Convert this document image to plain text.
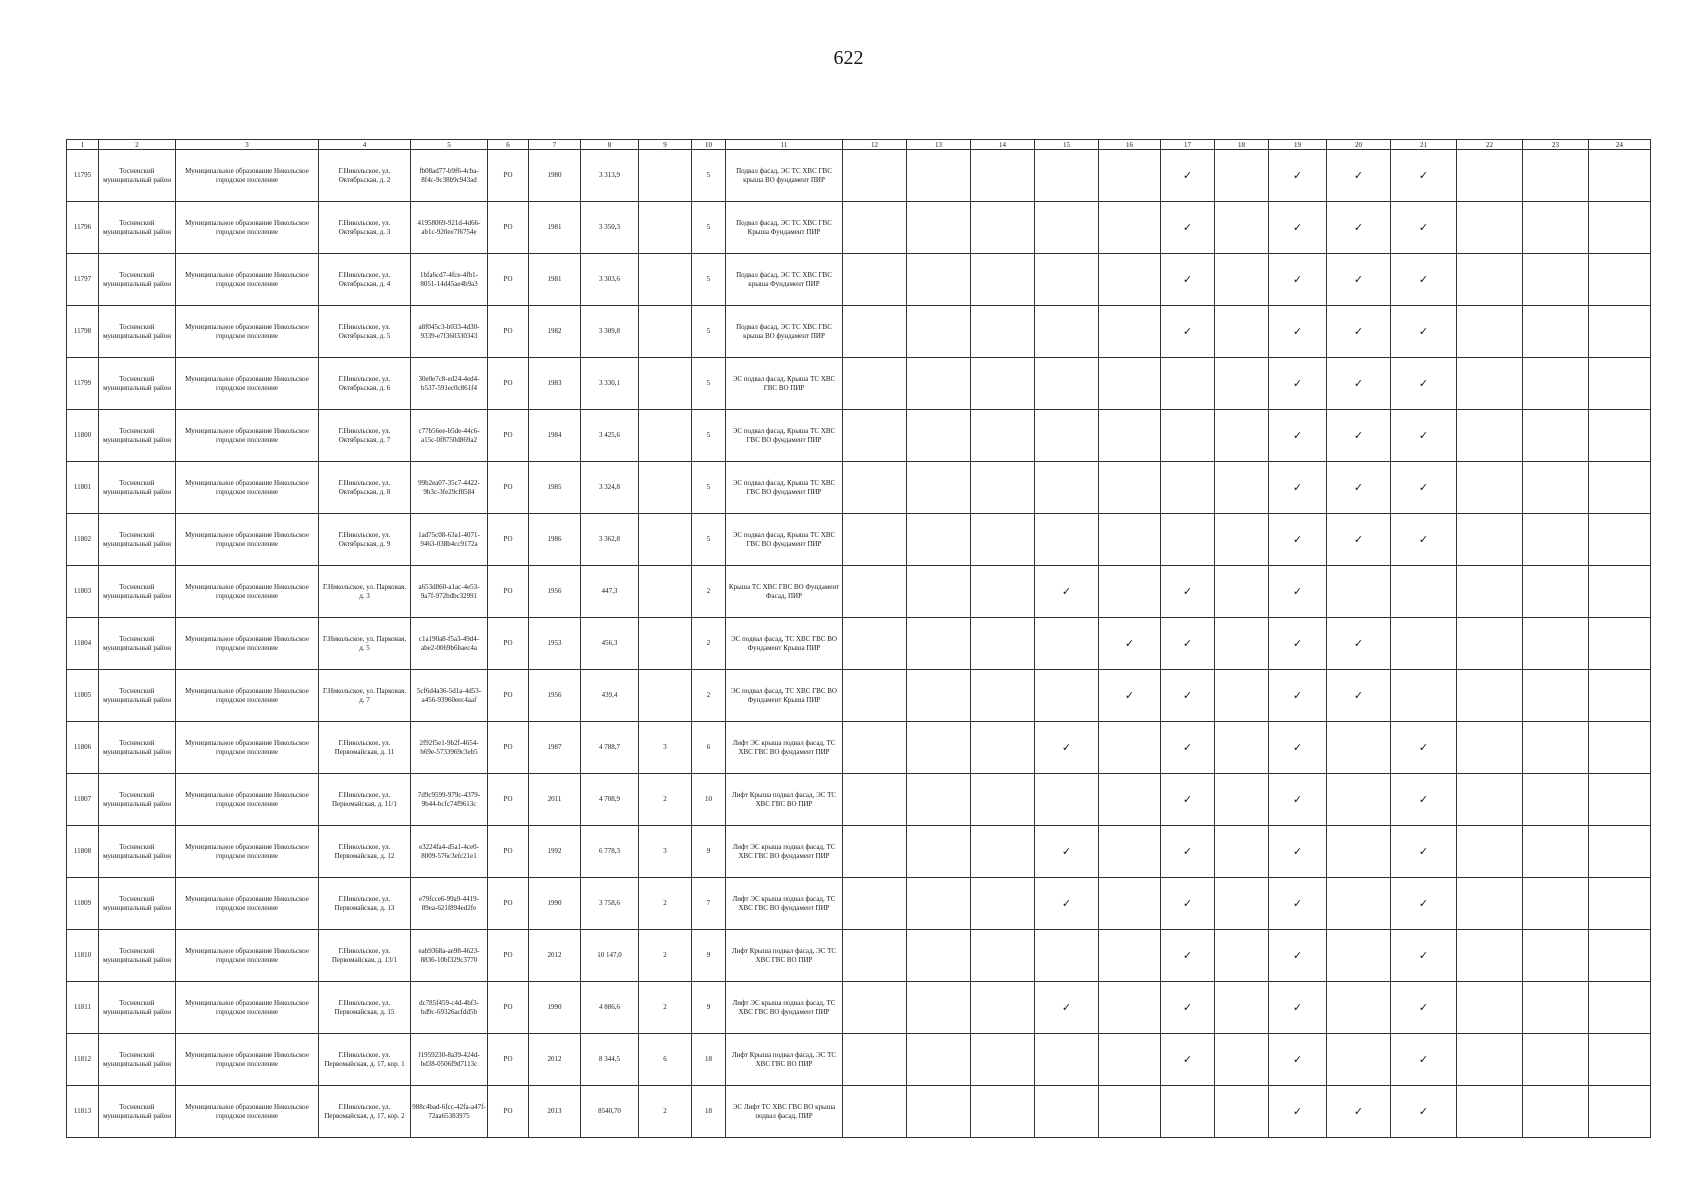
622
1	2	3	4	5	6	7	8	9	10	11	12	13	14	15	16	17	18	19	20	21	22	23	24
11795	Тосненский муниципальный район	Муниципальное образование Никольское городское поселение	Г.Никольское, ул. Октябрьская, д. 2	fb08ad77-b9f6-4cba-8f4c-9c38b9c943ad	РО	1980	3 313,9		5	Подвал фасад, ЭС ТС ХВС ГВС крыша ВО фундамент ПИР						✓		✓	✓	✓			
11796	Тосненский муниципальный район	Муниципальное образование Никольское городское поселение	Г.Никольское, ул. Октябрьская, д. 3	41958069-921d-4d66-ab1c-920ee7f6754e	РО	1981	3 350,3		5	Подвал фасад, ЭС ТС ХВС ГВС Крыша Фундамент ПИР						✓		✓	✓	✓			
11797	Тосненский муниципальный район	Муниципальное образование Никольское городское поселение	Г.Никольское, ул. Октябрьская, д. 4	1bfa6cd7-4fce-4fb1-8051-14d45ae4b9a3	РО	1981	3 303,6		5	Подвал фасад, ЭС ТС ХВС ГВС крыша Фундамент ПИР						✓		✓	✓	✓			
11798	Тосненский муниципальный район	Муниципальное образование Никольское городское поселение	Г.Никольское, ул. Октябрьская, д. 5	a8f045c3-b033-4d30-9339-e7f360330343	РО	1982	3 309,8		5	Подвал фасад, ЭС ТС ХВС ГВС крыша ВО фундамент ПИР						✓		✓	✓	✓			
11799	Тосненский муниципальный район	Муниципальное образование Никольское городское поселение	Г.Никольское, ул. Октябрьская, д. 6	30e0e7c8-ed24-4ed4-b537-591ec0c861f4	РО	1983	3 330,1		5	ЭС подвал фасад, Крыша ТС ХВС ГВС ВО ПИР								✓	✓	✓			
11800	Тосненский муниципальный район	Муниципальное образование Никольское городское поселение	Г.Никольское, ул. Октябрьская, д. 7	c77b56ee-b5de-44c6-a15c-0f8750d869a2	РО	1984	3 425,6		5	ЭС подвал фасад, Крыша ТС ХВС ГВС ВО фундамент ПИР								✓	✓	✓			
11801	Тосненский муниципальный район	Муниципальное образование Никольское городское поселение	Г.Никольское, ул. Октябрьская, д. 8	99b2ea07-35c7-4422-9b3c-3fe29cf8584	РО	1985	3 324,8		5	ЭС подвал фасад, Крыша ТС ХВС ГВС ВО фундамент ПИР								✓	✓	✓			
11802	Тосненский муниципальный район	Муниципальное образование Никольское городское поселение	Г.Никольское, ул. Октябрьская, д. 9	1ad75c08-63a1-4071-9463-038b4cc9172a	РО	1986	3 362,8		5	ЭС подвал фасад, Крыша ТС ХВС ГВС ВО фундамент ПИР								✓	✓	✓			
11803	Тосненский муниципальный район	Муниципальное образование Никольское городское поселение	Г.Никольское, ул. Парковая, д. 3	a653d860-a1ac-4e53-9a7f-972bdbc32991	РО	1956	447,3		2	Крыша ТС ХВС ГВС ВО Фундамент Фасад, ПИР				✓		✓		✓					
11804	Тосненский муниципальный район	Муниципальное образование Никольское городское поселение	Г.Никольское, ул. Парковая, д. 5	c1a190a8-f5a3-49d4-abe2-0069b6baec4a	РО	1953	456,3		2	ЭС подвал фасад, ТС ХВС ГВС ВО Фундамент Крыша ПИР					✓	✓		✓	✓				
11805	Тосненский муниципальный район	Муниципальное образование Никольское городское поселение	Г.Никольское, ул. Парковая, д. 7	5cf6d4a36-5d1a-4d53-a456-93960eec4aaf	РО	1956	439,4		2	ЭС подвал фасад, ТС ХВС ГВС ВО Фундамент Крыша ПИР					✓	✓		✓	✓				
11806	Тосненский муниципальный район	Муниципальное образование Никольское городское поселение	Г.Никольское, ул. Первомайская, д. 11	2f92f5e1-9b2f-4654-b69e-5733969c3eb5	РО	1987	4 788,7	3	6	Лифт ЭС крыша подвал фасад, ТС ХВС ГВС ВО фундамент ПИР				✓		✓		✓		✓			
11807	Тосненский муниципальный район	Муниципальное образование Никольское городское поселение	Г.Никольское, ул. Первомайская, д. 11/1	7d9c9599-979c-4379-9b44-bcfc74f9613c	РО	2011	4 708,9	2	10	Лифт Крыша подвал фасад, ЭС ТС ХВС ГВС ВО ПИР						✓		✓		✓			
11808	Тосненский муниципальный район	Муниципальное образование Никольское городское поселение	Г.Никольское, ул. Первомайская, д. 12	e3224fa4-d5a1-4ce0-8009-576c3efc21e1	РО	1992	6 778,3	3	9	Лифт ЭС крыша подвал фасад, ТС ХВС ГВС ВО фундамент ПИР				✓		✓		✓		✓			
11809	Тосненский муниципальный район	Муниципальное образование Никольское городское поселение	Г.Никольское, ул. Первомайская, д. 13	e79fcce6-99a9-4419-89ea-621f894ed2fe	РО	1990	3 758,6	2	7	Лифт ЭС крыша подвал фасад, ТС ХВС ГВС ВО фундамент ПИР				✓		✓		✓		✓			
11810	Тосненский муниципальный район	Муниципальное образование Никольское городское поселение	Г.Никольское, ул. Первомайская, д. 13/1	eab9368a-ae98-4623-8836-10bf329c3770	РО	2012	10 147,0	2	9	Лифт Крыша подвал фасад, ЭС ТС ХВС ГВС ВО ПИР						✓		✓		✓			
11811	Тосненский муниципальный район	Муниципальное образование Никольское городское поселение	Г.Никольское, ул. Первомайская, д. 15	dc785f459-c4d-4bf3-bd9c-69326acfdd5b	РО	1990	4 886,6	2	9	Лифт ЭС крыша подвал фасад, ТС ХВС ГВС ВО фундамент ПИР				✓		✓		✓		✓			
11812	Тосненский муниципальный район	Муниципальное образование Никольское городское поселение	Г.Никольское, ул. Первомайская, д. 17, кор. 1	f1959230-8a39-424d-bd38-0506f9d7113c	РО	2012	8 344,5	6	18	Лифт Крыша подвал фасад, ЭС ТС ХВС ГВС ВО ПИР						✓		✓		✓			
11813	Тосненский муниципальный район	Муниципальное образование Никольское городское поселение	Г.Никольское, ул. Первомайская, д. 17, кор. 2	988c4bad-6fcc-42fa-a47f-72aa65383975	РО	2013	8540,70	2	18	ЭС Лифт ТС ХВС ГВС ВО крыша подвал фасад, ПИР								✓	✓	✓			
